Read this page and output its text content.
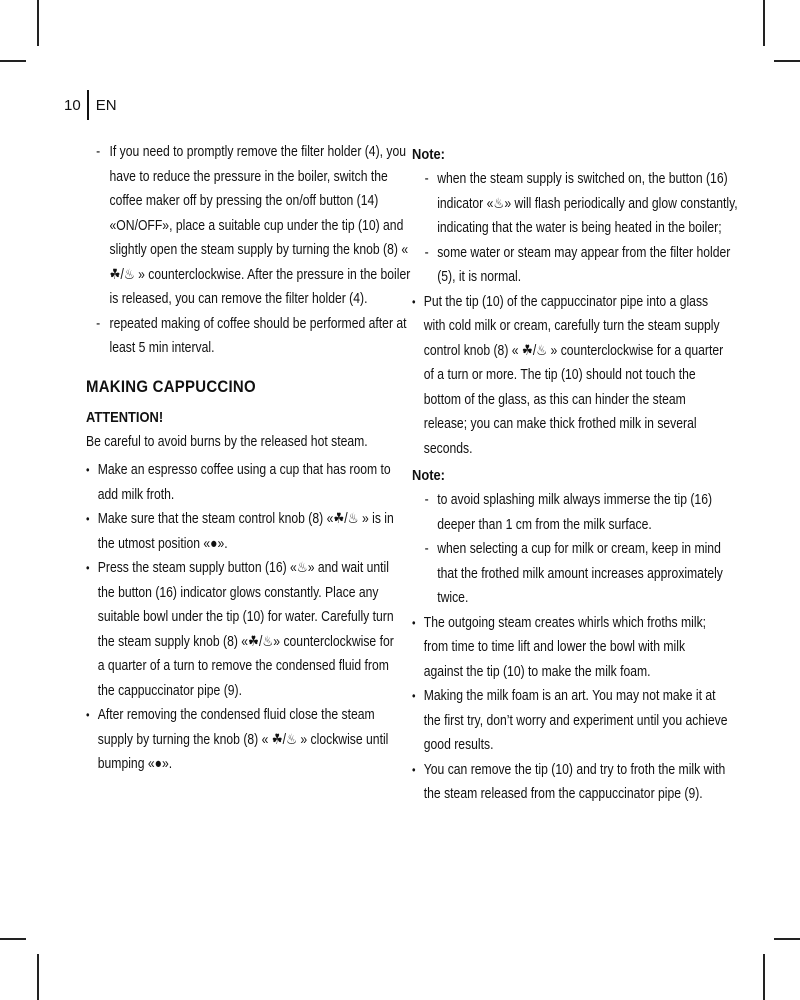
10 EN
- If you need to promptly remove the filter holder (4), you have to reduce the pressure in the boiler, switch the coffee maker off by pressing the on/off button (14) «ON/OFF», place a suitable cup under the tip (10) and slightly open the steam supply by turning the knob (8) « ☘/♨ » counterclockwise. After the pressure in the boiler is released, you can remove the filter holder (4).
- repeated making of coffee should be performed after at least 5 min interval.
MAKING CAPPUCCINO
ATTENTION!
Be careful to avoid burns by the released hot steam.
• Make an espresso coffee using a cup that has room to add milk froth.
• Make sure that the steam control knob (8) «☘/♨ » is in the utmost position «●».
• Press the steam supply button (16) «♨» and wait until the button (16) indicator glows constantly. Place any suitable bowl under the tip (10) for water. Carefully turn the steam supply knob (8) «☘/♨» counterclockwise for a quarter of a turn to remove the condensed fluid from the cappuccinator pipe (9).
• After removing the condensed fluid close the steam supply by turning the knob (8) « ☘/♨ » clockwise until bumping «●».
Note:
- when the steam supply is switched on, the button (16) indicator «♨» will flash periodically and glow constantly, indicating that the water is being heated in the boiler;
- some water or steam may appear from the filter holder (5), it is normal.
• Put the tip (10) of the cappuccinator pipe into a glass with cold milk or cream, carefully turn the steam supply control knob (8) « ☘/♨ » counterclockwise for a quarter of a turn or more. The tip (10) should not touch the bottom of the glass, as this can hinder the steam release; you can make thick frothed milk in several seconds.
Note:
- to avoid splashing milk always immerse the tip (16) deeper than 1 cm from the milk surface.
- when selecting a cup for milk or cream, keep in mind that the frothed milk amount increases approximately twice.
• The outgoing steam creates whirls which froths milk; from time to time lift and lower the bowl with milk against the tip (10) to make the milk foam.
• Making the milk foam is an art. You may not make it at the first try, don’t worry and experiment until you achieve good results.
• You can remove the tip (10) and try to froth the milk with the steam released from the cappuccinator pipe (9).
